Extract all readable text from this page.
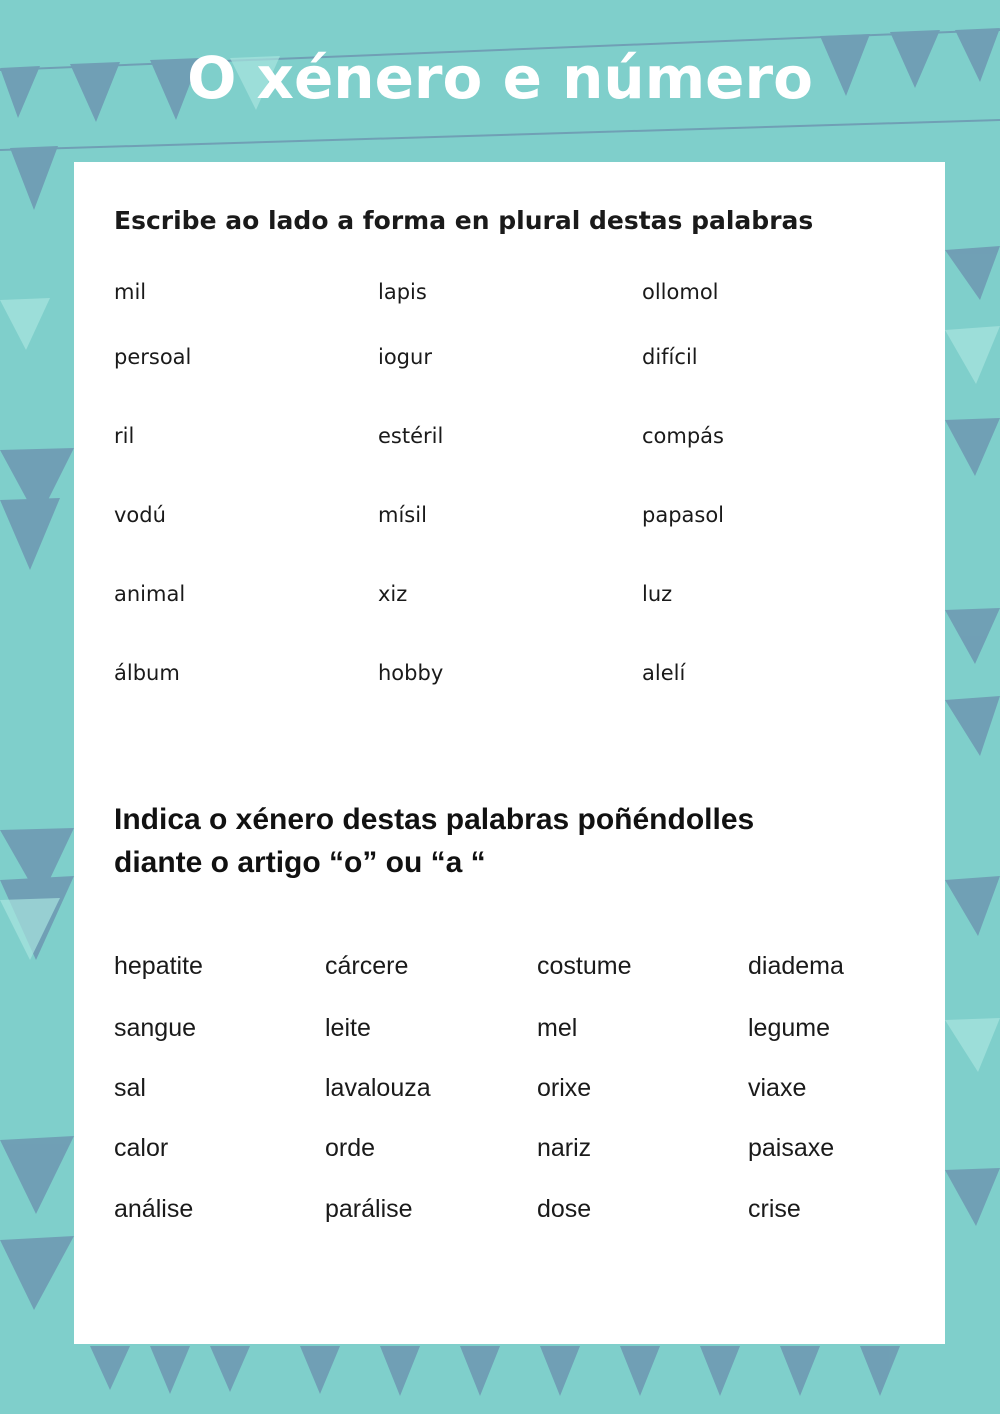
O xénero e número
Escribe ao lado a forma en plural destas palabras
mil	lapis	ollomol
persoal	iogur	difícil
ril	estéril	compás
vodú	mísil	papasol
animal	xiz	luz
álbum	hobby	alelí
Indica o xénero destas palabras poñéndolles
diante o artigo “o” ou “a “
hepatite	cárcere	costume	diadema
sangue	leite	mel	legume
sal	lavalouza	orixe	viaxe
calor	orde	nariz	paisaxe
análise	parálise	dose	crise
